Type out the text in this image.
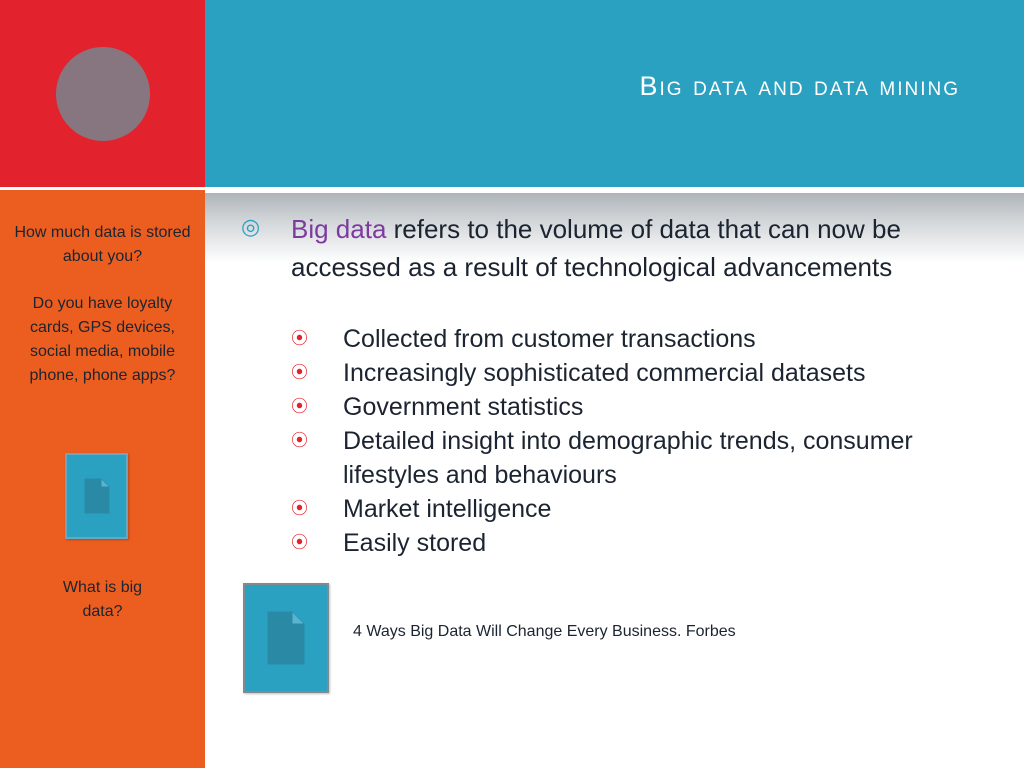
Big data and data mining
How much data is stored about you?
Do you have loyalty cards, GPS devices, social media, mobile phone, phone apps?
What is big data?
◎ Big data refers to the volume of data that can now be accessed as a result of technological advancements
⦿ Collected from customer transactions
⦿ Increasingly sophisticated commercial datasets
⦿ Government statistics
⦿ Detailed insight into demographic trends, consumer lifestyles and behaviours
⦿ Market intelligence
⦿ Easily stored
4 Ways Big Data Will Change Every Business. Forbes
